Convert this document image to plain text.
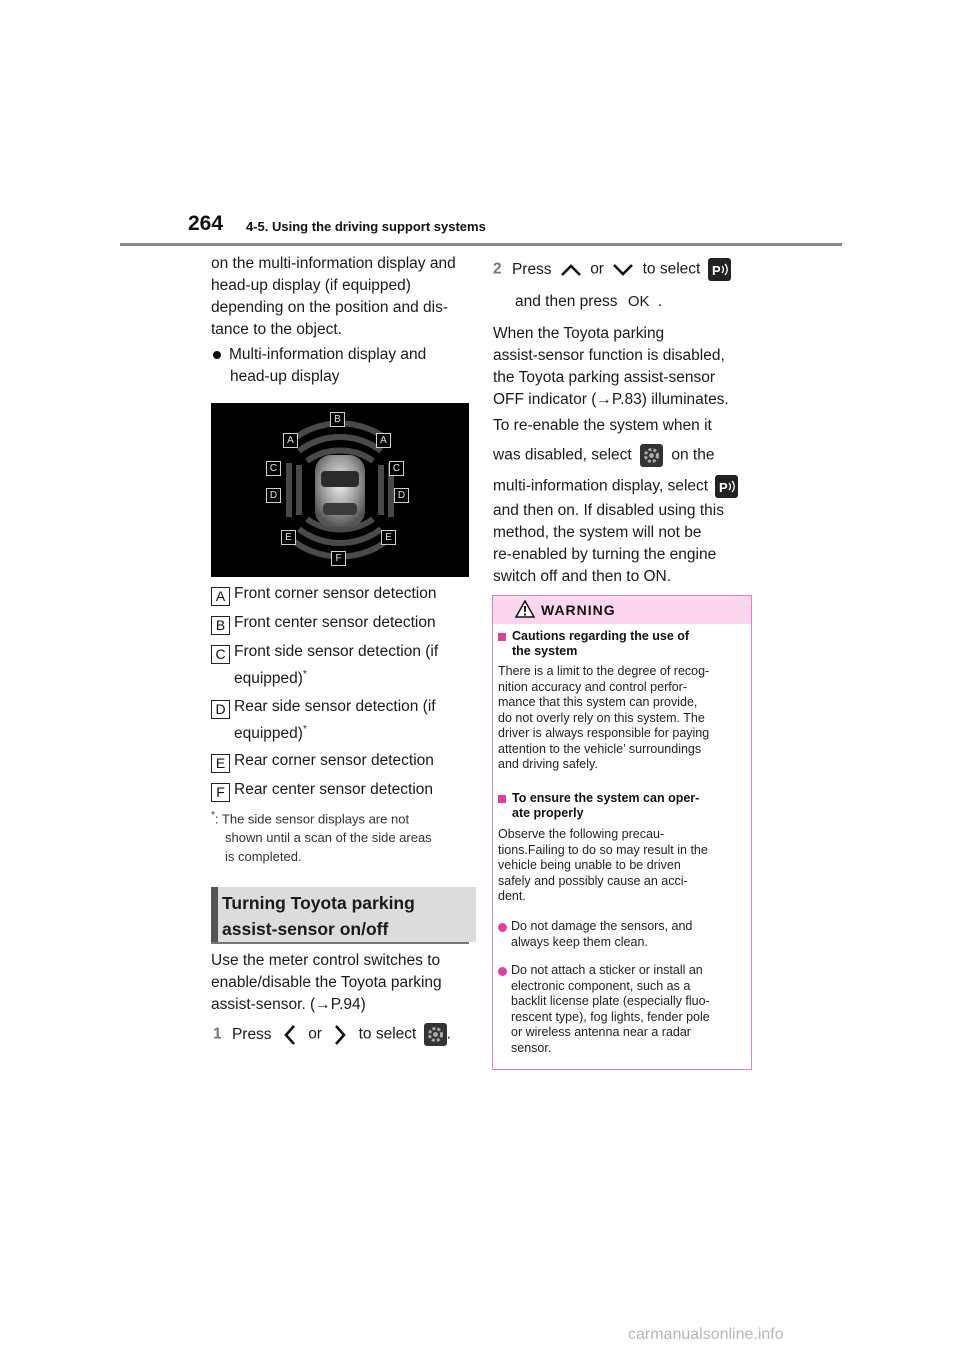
264 4-5. Using the driving support systems
on the multi-information display and
head-up display (if equipped)
depending on the position and dis-
tance to the object.
Multi-information display and
head-up display
B
A	A
C	C
D	D
E	E
F
A Front corner sensor detection
B Front center sensor detection
C Front side sensor detection (if
equipped)*
D Rear side sensor detection (if
equipped)*
E Rear corner sensor detection
F Rear center sensor detection
*: The side sensor displays are not
shown until a scan of the side areas
is completed.
Turning Toyota parking
assist-sensor on/off
Use the meter control switches to
enable/disable the Toyota parking
assist-sensor. (→P.94)
1 Press or to select .
2 Press or to select P
and then press OK .
When the Toyota parking
assist-sensor function is disabled,
the Toyota parking assist-sensor
OFF indicator (→P.83) illuminates.
To re-enable the system when it
was disabled, select	on the
multi-information display, select P
and then on. If disabled using this
method, the system will not be
re-enabled by turning the engine
switch off and then to ON.
WARNING
Cautions regarding the use of
the system
There is a limit to the degree of recog-
nition accuracy and control perfor-
mance that this system can provide,
do not overly rely on this system. The
driver is always responsible for paying
attention to the vehicle’ surroundings
and driving safely.
To ensure the system can oper-
ate properly
Observe the following precau-
tions.Failing to do so may result in the
vehicle being unable to be driven
safely and possibly cause an acci-
dent.
Do not damage the sensors, and
always keep them clean.
Do not attach a sticker or install an
electronic component, such as a
backlit license plate (especially fluo-
rescent type), fog lights, fender pole
or wireless antenna near a radar
sensor.
carmanualsonline.info
